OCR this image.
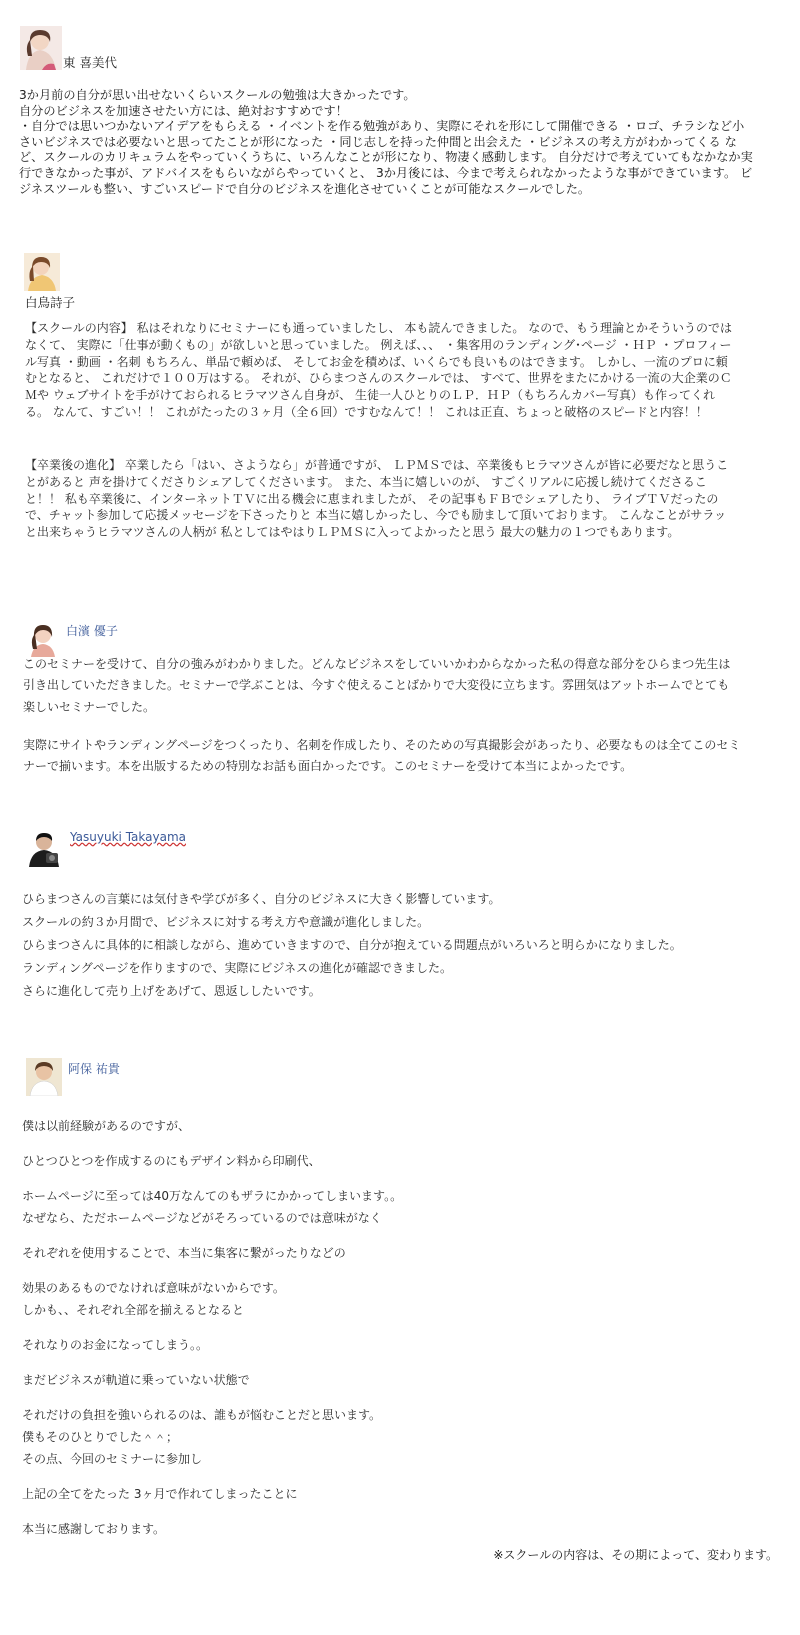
東 喜美代

3か月前の自分が思い出せないくらいスクールの勉強は大きかったです。
自分のビジネスを加速させたい方には、絶対おすすめです！
・自分では思いつかないアイデアをもらえる ・イベントを作る勉強があり、実際にそれを形にして開催できる ・ロゴ、チラシなど小さいビジネスでは必要ないと思ってたことが形になった ・同じ志しを持った仲間と出会えた ・ビジネスの考え方がわかってくる など、スクールのカリキュラムをやっていくうちに、いろんなことが形になり、物凄く感動します。 自分だけで考えていてもなかなか実行できなかった事が、アドバイスをもらいながらやっていくと、 3か月後には、今まで考えられなかったような事ができています。 ビジネスツールも整い、すごいスピードで自分のビジネスを進化させていくことが可能なスクールでした。

白鳥詩子

【スクールの内容】 私はそれなりにセミナーにも通っていましたし、 本も読んできました。 なので、もう理論とかそういうのではなくて、 実際に「仕事が動くもの」が欲しいと思っていました。 例えば、、、 ・集客用のランディング･ページ ・ＨＰ ・プロフィール写真 ・動画 ・名刺 もちろん、単品で頼めば、 そしてお金を積めば、いくらでも良いものはできます。 しかし、一流のプロに頼むとなると、 これだけで１００万はする。 それが、ひらまつさんのスクールでは、 すべて、世界をまたにかける一流の大企業のＣＭや ウェブサイトを手がけておられるヒラマツさん自身が、 生徒一人ひとりのＬＰ．ＨＰ（もちろんカバー写真）も作ってくれる。 なんて、すごい！！ これがたったの３ヶ月（全６回）ですむなんて！！ これは正直、ちょっと破格のスピードと内容！！

【卒業後の進化】 卒業したら「はい、さようなら」が普通ですが、 ＬＰＭＳでは、卒業後もヒラマツさんが皆に必要だなと思うことがあると 声を掛けてくださりシェアしてくださいます。 また、本当に嬉しいのが、 すごくリアルに応援し続けてくださること！！ 私も卒業後に、インターネットＴＶに出る機会に恵まれましたが、 その記事もＦＢでシェアしたり、 ライブＴＶだったので、チャット参加して応援メッセージを下さったりと 本当に嬉しかったし、今でも励まして頂いております。 こんなことがサラッと出来ちゃうヒラマツさんの人柄が 私としてはやはりＬＰＭＳに入ってよかったと思う 最大の魅力の１つでもあります。

白濱 優子

このセミナーを受けて、自分の強みがわかりました。どんなビジネスをしていいかわからなかった私の得意な部分をひらまつ先生は引き出していただきました。セミナーで学ぶことは、今すぐ使えることばかりで大変役に立ちます。雰囲気はアットホームでとても楽しいセミナーでした。

実際にサイトやランディングページをつくったり、名刺を作成したり、そのための写真撮影会があったり、必要なものは全てこのセミナーで揃います。本を出版するための特別なお話も面白かったです。このセミナーを受けて本当によかったです。

Yasuyuki Takayama

ひらまつさんの言葉には気付きや学びが多く、自分のビジネスに大きく影響しています。

スクールの約３か月間で、ビジネスに対する考え方や意識が進化しました。

ひらまつさんに具体的に相談しながら、進めていきますので、自分が抱えている問題点がいろいろと明らかになりました。

ランディングページを作りますので、実際にビジネスの進化が確認できました。

さらに進化して売り上げをあげて、恩返ししたいです。

阿保 祐貴

僕は以前経験があるのですが、

ひとつひとつを作成するのにもデザイン料から印刷代、

ホームページに至っては40万なんてのもザラにかかってしまいます。。

なぜなら、ただホームページなどがそろっているのでは意味がなく

それぞれを使用することで、本当に集客に繋がったりなどの

効果のあるものでなければ意味がないからです。

しかも、、それぞれ全部を揃えるとなると

それなりのお金になってしまう。。

まだビジネスが軌道に乗っていない状態で

それだけの負担を強いられるのは、誰もが悩むことだと思います。

僕もそのひとりでした＾＾；

その点、今回のセミナーに参加し

上記の全てをたった 3ヶ月で作れてしまったことに

本当に感謝しております。

※スクールの内容は、その期によって、変わります。
